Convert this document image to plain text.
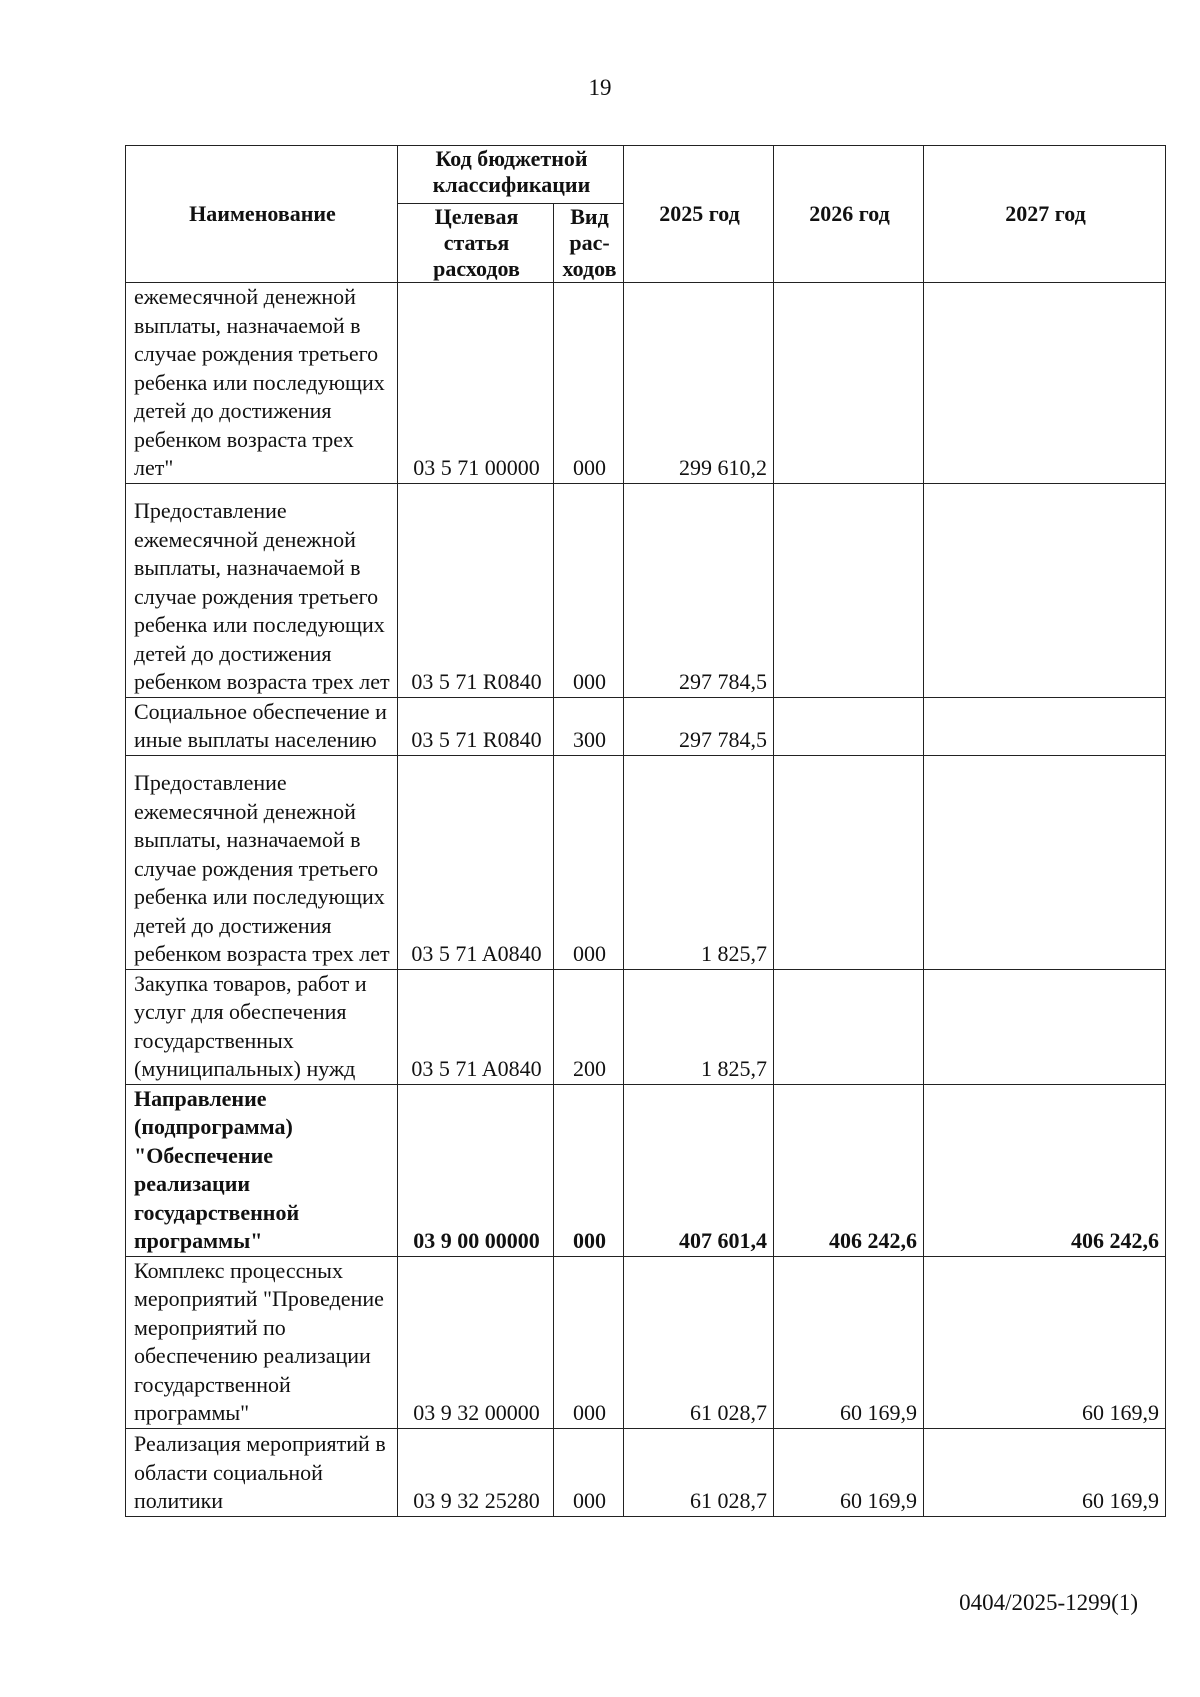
19
Наименование	Код бюджетной классификации		2025 год	2026 год	2027 год
	Целевая статья расходов	Вид рас-ходов			
ежемесячной денежной выплаты, назначаемой в случае рождения третьего ребенка или последующих детей до достижения ребенком возраста трех лет"	03 5 71 00000	000	299 610,2		
Предоставление ежемесячной денежной выплаты, назначаемой в случае рождения третьего ребенка или последующих детей до достижения ребенком возраста трех лет	03 5 71 R0840	000	297 784,5		
Социальное обеспечение и иные выплаты населению	03 5 71 R0840	300	297 784,5		
Предоставление ежемесячной денежной выплаты, назначаемой в случае рождения третьего ребенка или последующих детей до достижения ребенком возраста трех лет	03 5 71 A0840	000	1 825,7		
Закупка товаров, работ и услуг для обеспечения государственных (муниципальных) нужд	03 5 71 A0840	200	1 825,7		
Направление (подпрограмма) "Обеспечение реализации государственной программы"	03 9 00 00000	000	407 601,4	406 242,6	406 242,6
Комплекс процессных мероприятий "Проведение мероприятий по обеспечению реализации государственной программы"	03 9 32 00000	000	61 028,7	60 169,9	60 169,9
Реализация мероприятий в области социальной политики	03 9 32 25280	000	61 028,7	60 169,9	60 169,9
0404/2025-1299(1)
